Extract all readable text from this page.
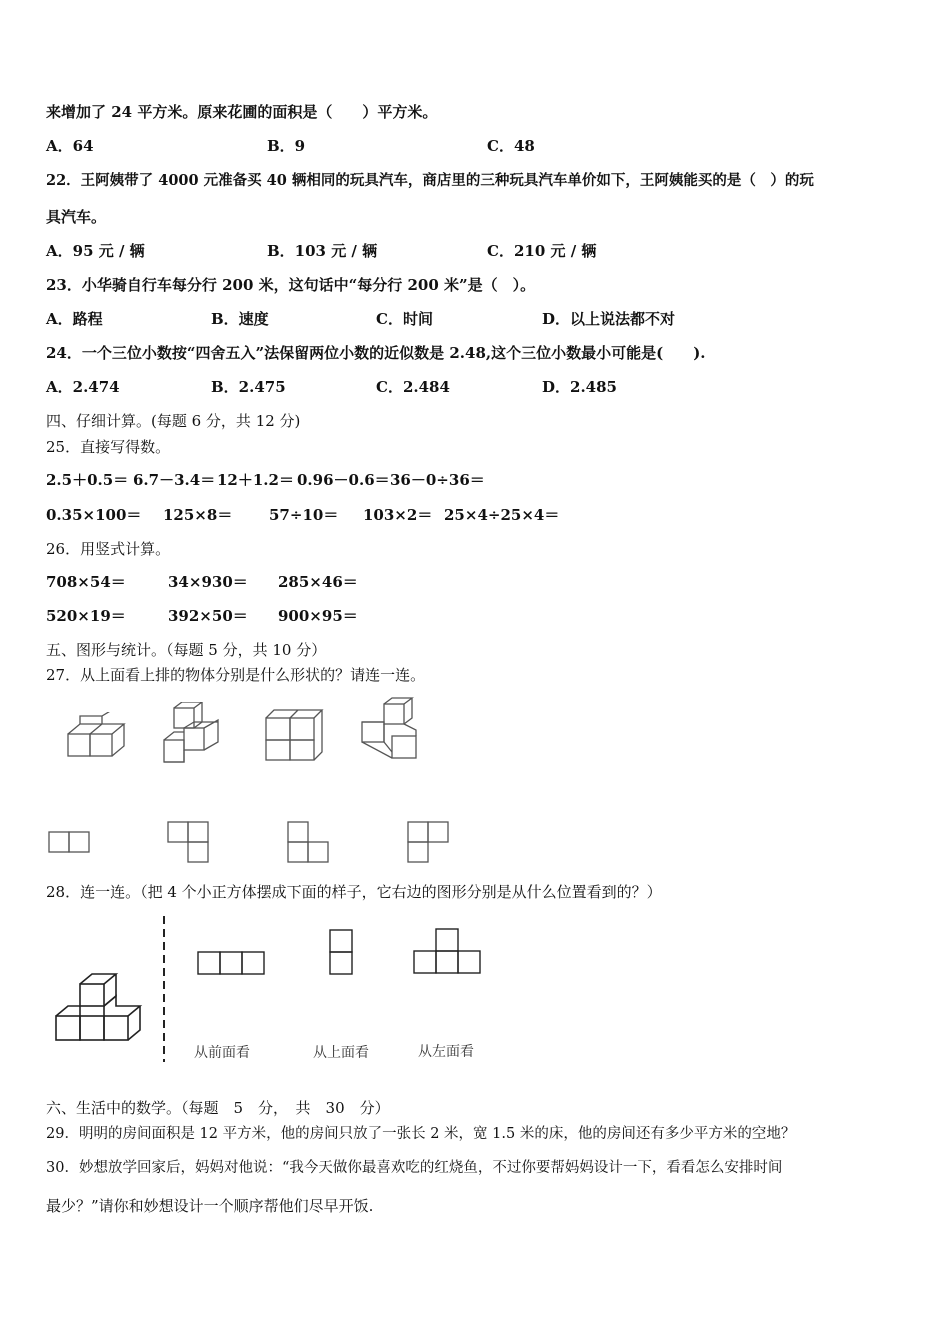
来增加了 24 平方米。原来花圃的面积是（　　）平方米。
A．64	B．9	C．48
22．王阿姨带了 4000 元准备买 40 辆相同的玩具汽车，商店里的三种玩具汽车单价如下，王阿姨能买的是（　）的玩
具汽车。
A．95 元 / 辆	B．103 元 / 辆	C．210 元 / 辆
23．小华骑自行车每分行 200 米，这句话中“每分行 200 米”是（　）。
A．路程	B．速度	C．时间	D．以上说法都不对
24．一个三位小数按“四舍五入”法保留两位小数的近似数是 2.48,这个三位小数最小可能是(　　).
A．2.474	B．2.475	C．2.484	D．2.485
四、仔细计算。(每题 6 分，共 12 分)
25．直接写得数。
2.5＋0.5＝ 6.7－3.4＝ 12＋1.2＝ 0.96－0.6＝ 36－0÷36＝
0.35×100＝ 125×8＝ 57÷10＝ 103×2＝ 25×4÷25×4＝
26．用竖式计算。
708×54＝	34×930＝ 285×46＝
520×19＝	392×50＝ 900×95＝
五、图形与统计。（每题 5 分，共 10 分）
27．从上面看上排的物体分别是什么形状的？请连一连。
28．连一连。（把 4 个小正方体摆成下面的样子，它右边的图形分别是从什么位置看到的？）
从前面看	从上面看	从左面看
六、生活中的数学。（每题　5　分，　共　30　分）
29．明明的房间面积是 12 平方米，他的房间只放了一张长 2 米，宽 1.5 米的床，他的房间还有多少平方米的空地？
30．妙想放学回家后，妈妈对他说：“我今天做你最喜欢吃的红烧鱼，不过你要帮妈妈设计一下，看看怎么安排时间
最少？”请你和妙想设计一个顺序帮他们尽早开饭.
